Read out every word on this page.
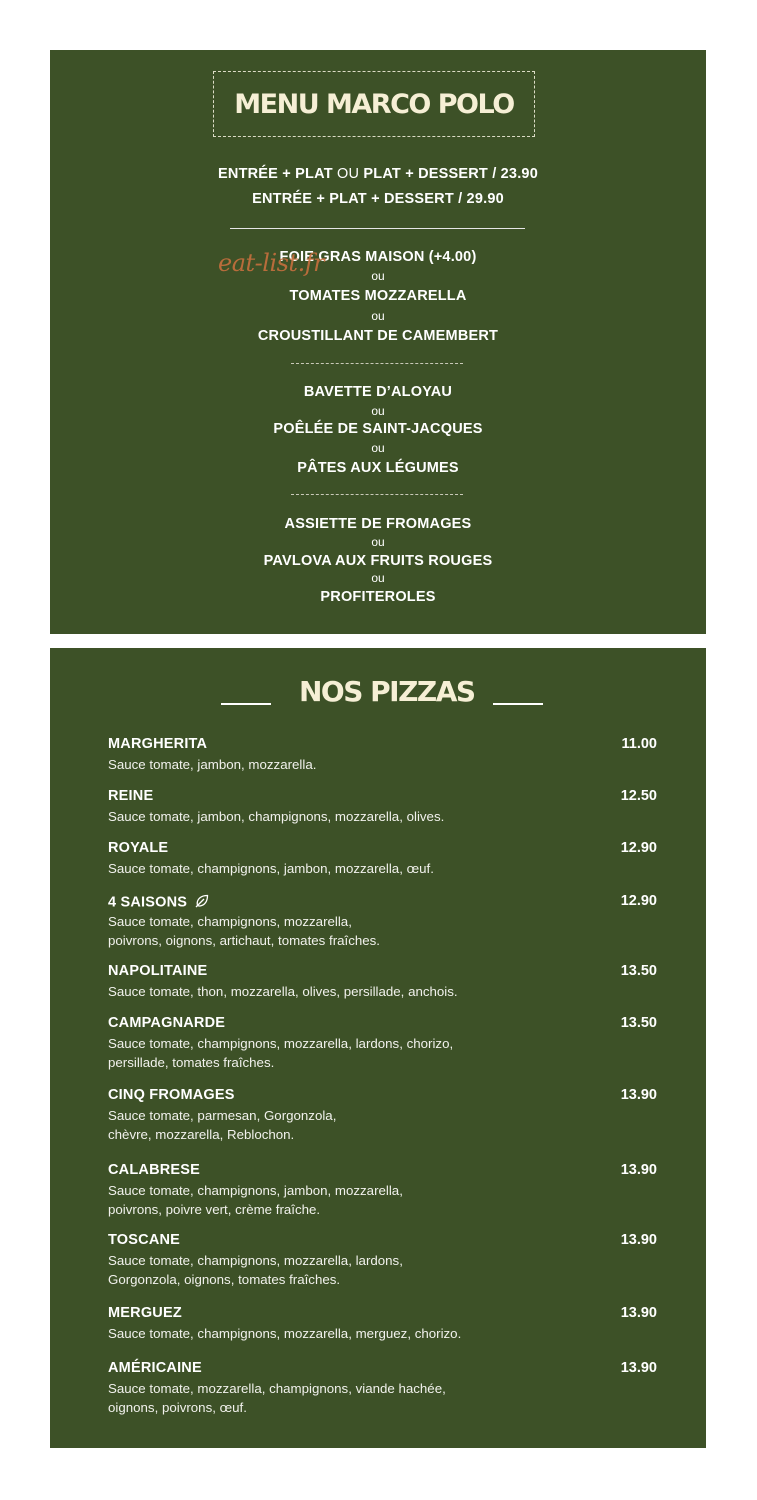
MENU MARCO POLO
ENTRÉE + PLAT OU PLAT + DESSERT / 23.90
ENTRÉE + PLAT + DESSERT / 29.90
FOIE GRAS MAISON (+4.00)
ou
TOMATES MOZZARELLA
ou
CROUSTILLANT DE CAMEMBERT
BAVETTE D’ALOYAU
ou
POÊLÉE DE SAINT-JACQUES
ou
PÂTES AUX LÉGUMES
ASSIETTE DE FROMAGES
ou
PAVLOVA AUX FRUITS ROUGES
ou
PROFITEROLES
eat-list.fr
NOS PIZZAS
MARGHERITA
Sauce tomate, jambon, mozzarella.
11.00
REINE
Sauce tomate, jambon, champignons, mozzarella, olives.
12.50
ROYALE
Sauce tomate, champignons, jambon, mozzarella, œuf.
12.90
4 SAISONS
Sauce tomate, champignons, mozzarella,
poivrons, oignons, artichaut, tomates fraîches.
12.90
NAPOLITAINE
Sauce tomate, thon, mozzarella, olives, persillade, anchois.
13.50
CAMPAGNARDE
Sauce tomate, champignons, mozzarella, lardons, chorizo,
persillade, tomates fraîches.
13.50
CINQ FROMAGES
Sauce tomate, parmesan, Gorgonzola,
chèvre, mozzarella, Reblochon.
13.90
CALABRESE
Sauce tomate, champignons, jambon, mozzarella,
poivrons, poivre vert, crème fraîche.
13.90
TOSCANE
Sauce tomate, champignons, mozzarella, lardons,
Gorgonzola, oignons, tomates fraîches.
13.90
MERGUEZ
Sauce tomate, champignons, mozzarella, merguez, chorizo.
13.90
AMÉRICAINE
Sauce tomate, mozzarella, champignons, viande hachée,
oignons, poivrons, œuf.
13.90
